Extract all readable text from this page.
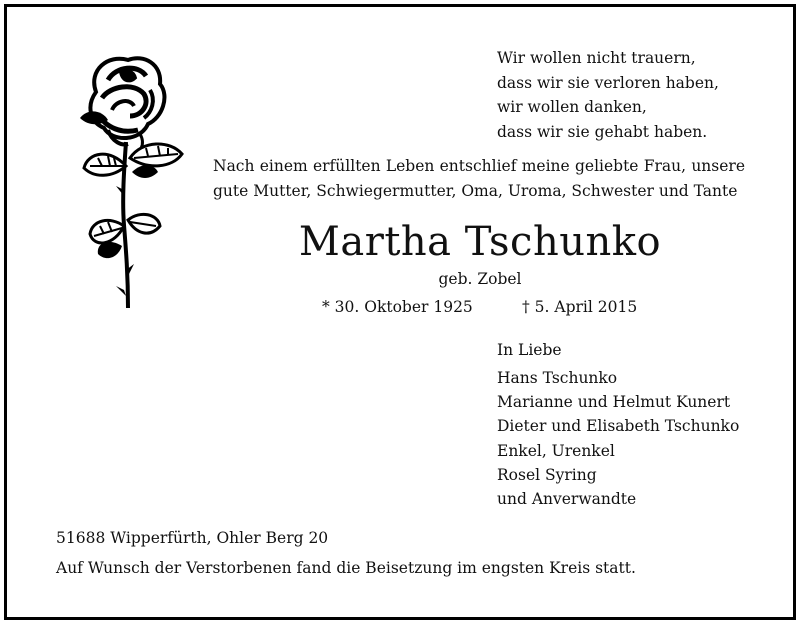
Wir wollen nicht trauern,
dass wir sie verloren haben,
wir wollen danken,
dass wir sie gehabt haben.
Nach einem erfüllten Leben entschlief meine geliebte Frau, unsere gute Mutter, Schwiegermutter, Oma, Uroma, Schwester und Tante
Martha Tschunko
geb. Zobel
* 30. Oktober 1925	† 5. April 2015
In Liebe
Hans Tschunko
Marianne und Helmut Kunert
Dieter und Elisabeth Tschunko
Enkel, Urenkel
Rosel Syring
und Anverwandte
51688 Wipperfürth, Ohler Berg 20
Auf Wunsch der Verstorbenen fand die Beisetzung im engsten Kreis statt.
